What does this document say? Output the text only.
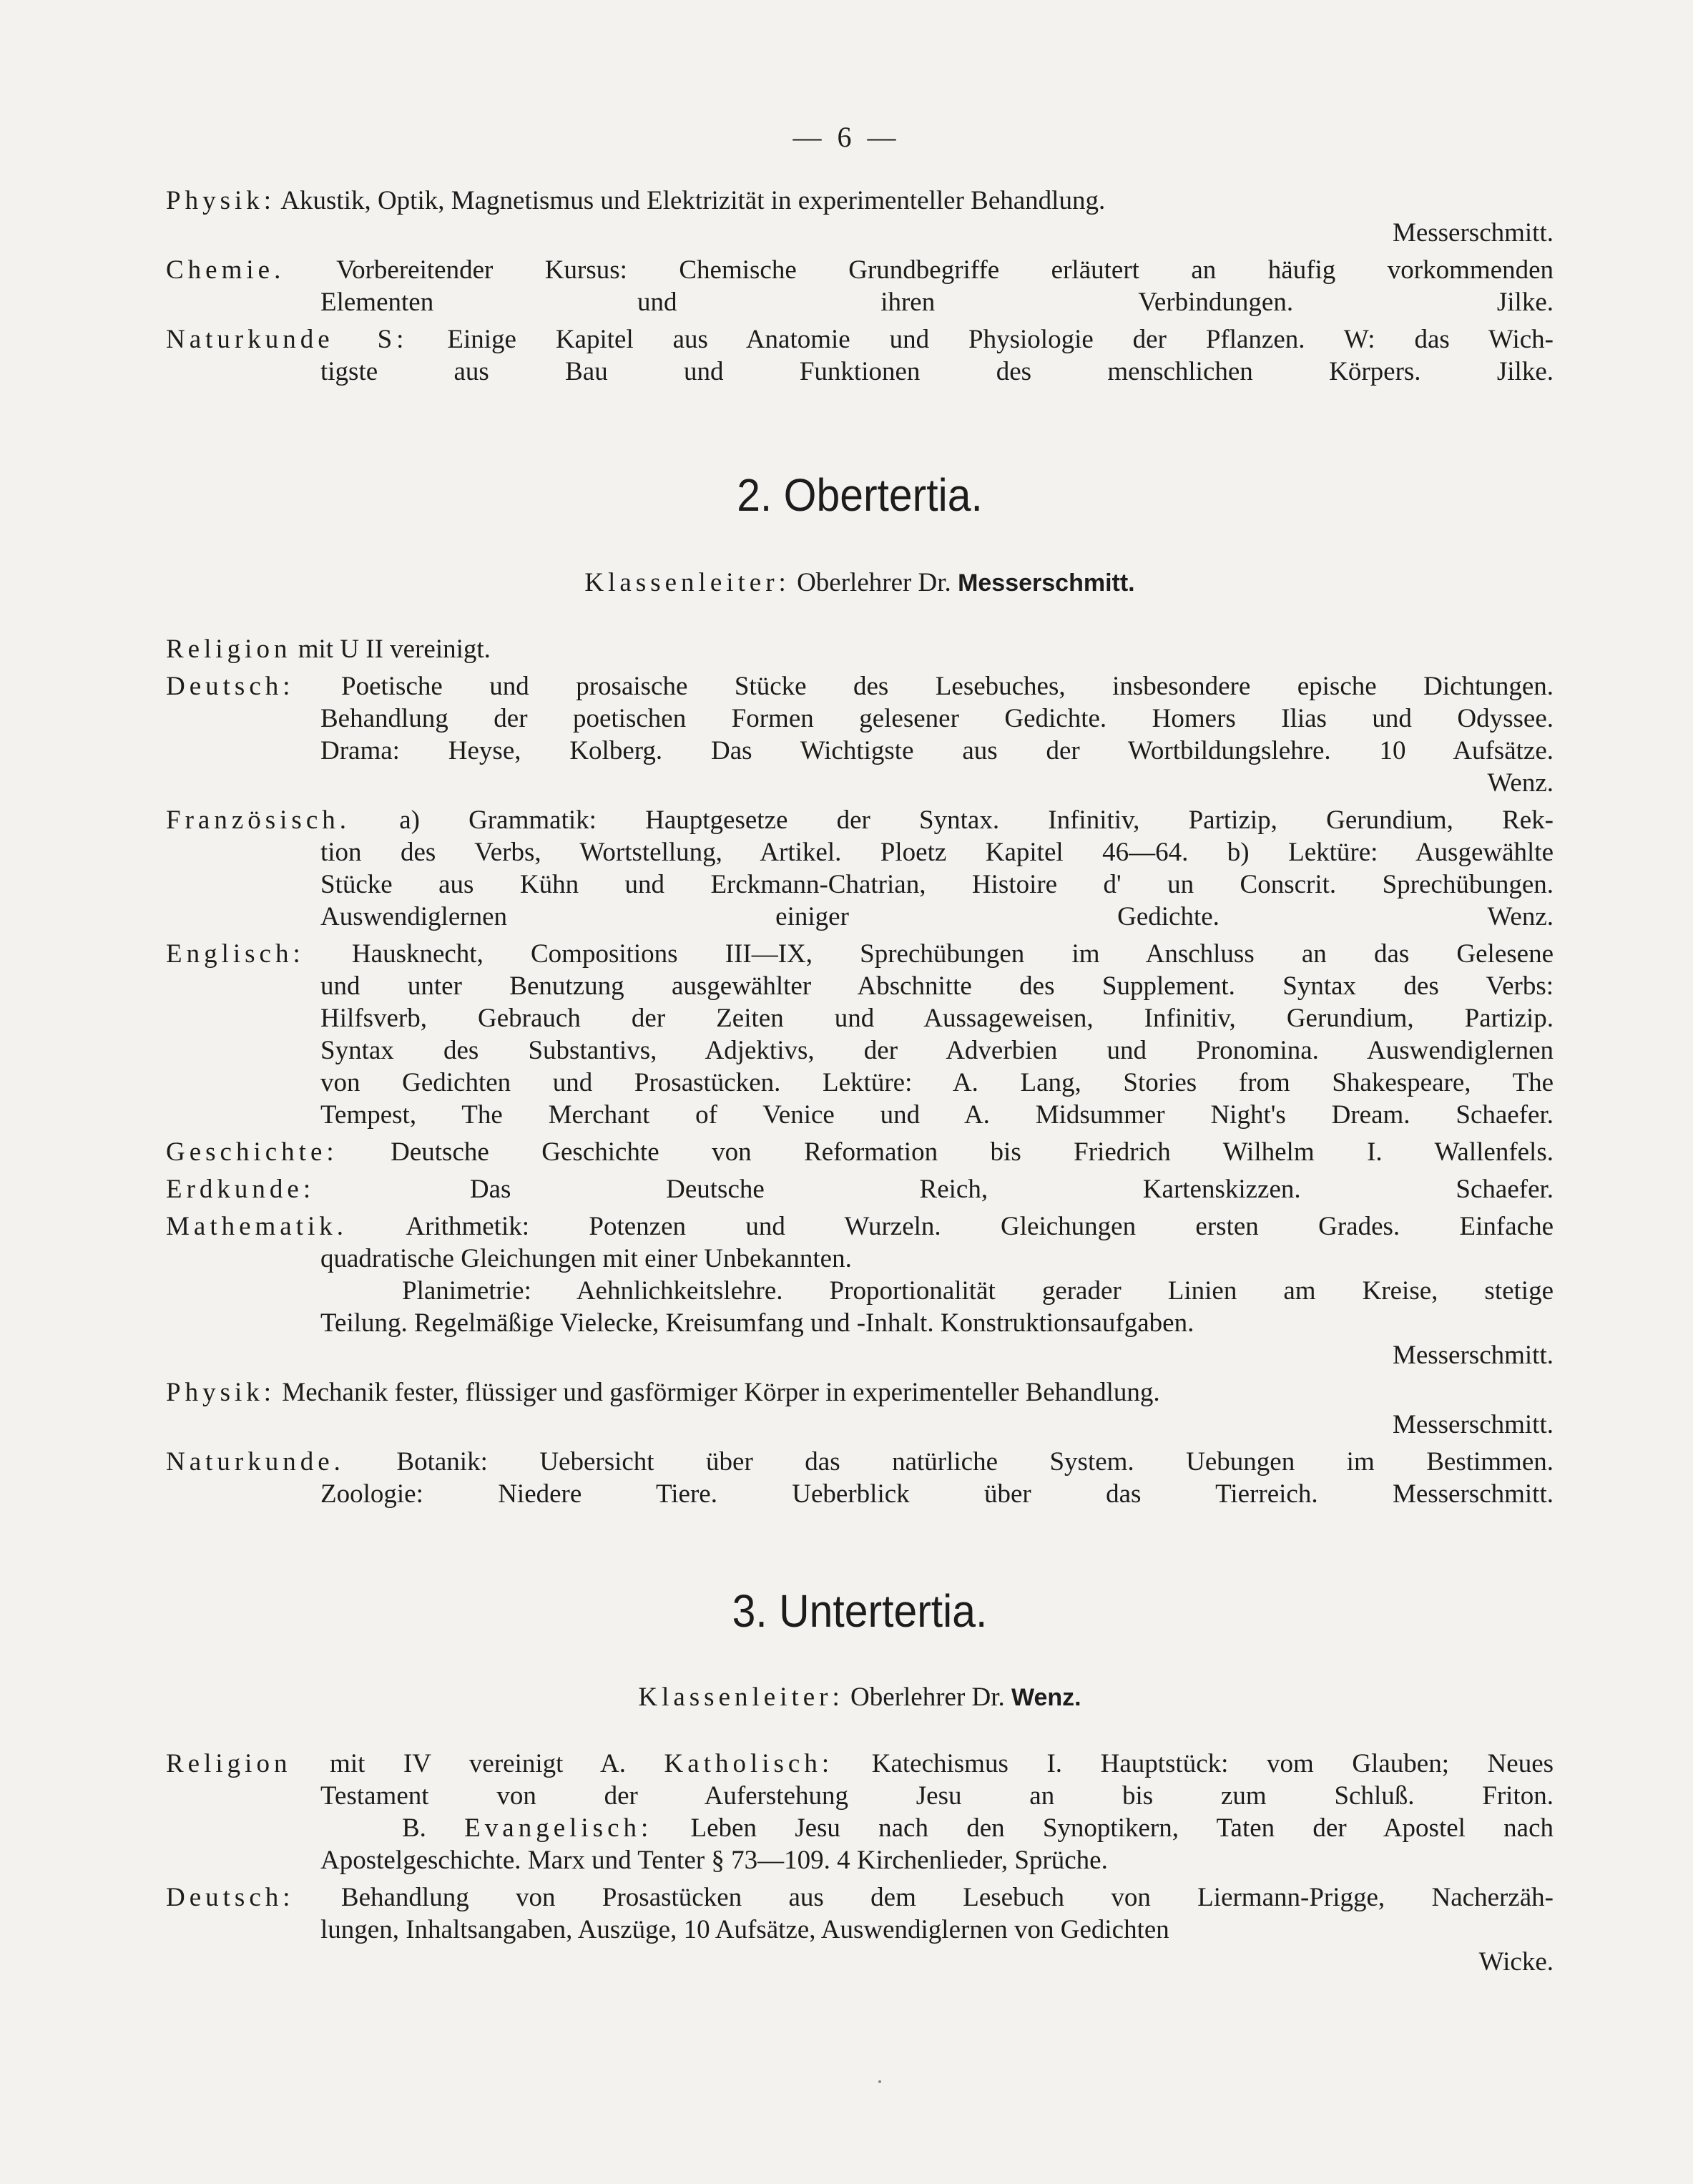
— 6 —
Physik: Akustik, Optik, Magnetismus und Elektrizität in experimenteller Behandlung.
Messerschmitt.
Chemie. Vorbereitender Kursus: Chemische Grundbegriffe erläutert an häufig vorkommenden
Elementen und ihren Verbindungen.	Jilke.
Naturkunde S: Einige Kapitel aus Anatomie und Physiologie der Pflanzen. W: das Wich-
tigste aus Bau und Funktionen des menschlichen Körpers.	Jilke.
2. Obertertia.
Klassenleiter: Oberlehrer Dr. Messerschmitt.
Religion mit U II vereinigt.
Deutsch: Poetische und prosaische Stücke des Lesebuches, insbesondere epische Dichtungen.
Behandlung der poetischen Formen gelesener Gedichte. Homers Ilias und Odyssee.
Drama: Heyse, Kolberg. Das Wichtigste aus der Wortbildungslehre. 10 Aufsätze.
Wenz.
Französisch. a) Grammatik: Hauptgesetze der Syntax. Infinitiv, Partizip, Gerundium, Rek-
tion des Verbs, Wortstellung, Artikel. Ploetz Kapitel 46—64. b) Lektüre: Ausgewählte
Stücke aus Kühn und Erckmann-Chatrian, Histoire d' un Conscrit. Sprechübungen.
Auswendiglernen einiger Gedichte.	Wenz.
Englisch: Hausknecht, Compositions III—IX, Sprechübungen im Anschluss an das Gelesene
und unter Benutzung ausgewählter Abschnitte des Supplement. Syntax des Verbs:
Hilfsverb, Gebrauch der Zeiten und Aussageweisen, Infinitiv, Gerundium, Partizip.
Syntax des Substantivs, Adjektivs, der Adverbien und Pronomina. Auswendiglernen
von Gedichten und Prosastücken. Lektüre: A. Lang, Stories from Shakespeare, The
Tempest, The Merchant of Venice und A. Midsummer Night's Dream. Schaefer.
Geschichte: Deutsche Geschichte von Reformation bis Friedrich Wilhelm I. Wallenfels.
Erdkunde:	Das Deutsche Reich, Kartenskizzen.	Schaefer.
Mathematik. Arithmetik: Potenzen und Wurzeln. Gleichungen ersten Grades. Einfache
quadratische Gleichungen mit einer Unbekannten.
Planimetrie: Aehnlichkeitslehre. Proportionalität gerader Linien am Kreise, stetige
Teilung. Regelmäßige Vielecke, Kreisumfang und -Inhalt. Konstruktionsaufgaben.
Messerschmitt.
Physik: Mechanik fester, flüssiger und gasförmiger Körper in experimenteller Behandlung.
Messerschmitt.
Naturkunde. Botanik: Uebersicht über das natürliche System. Uebungen im Bestimmen.
Zoologie: Niedere Tiere. Ueberblick über das Tierreich.	Messerschmitt.
3. Untertertia.
Klassenleiter: Oberlehrer Dr. Wenz.
Religion mit IV vereinigt A. Katholisch: Katechismus I. Hauptstück: vom Glauben; Neues
Testament von der Auferstehung Jesu an bis zum Schluß.	Friton.
B. Evangelisch: Leben Jesu nach den Synoptikern, Taten der Apostel nach
Apostelgeschichte. Marx und Tenter § 73—109. 4 Kirchenlieder, Sprüche.
Deutsch: Behandlung von Prosastücken aus dem Lesebuch von Liermann-Prigge, Nacherzäh-
lungen, Inhaltsangaben, Auszüge, 10 Aufsätze, Auswendiglernen von Gedichten
Wicke.
